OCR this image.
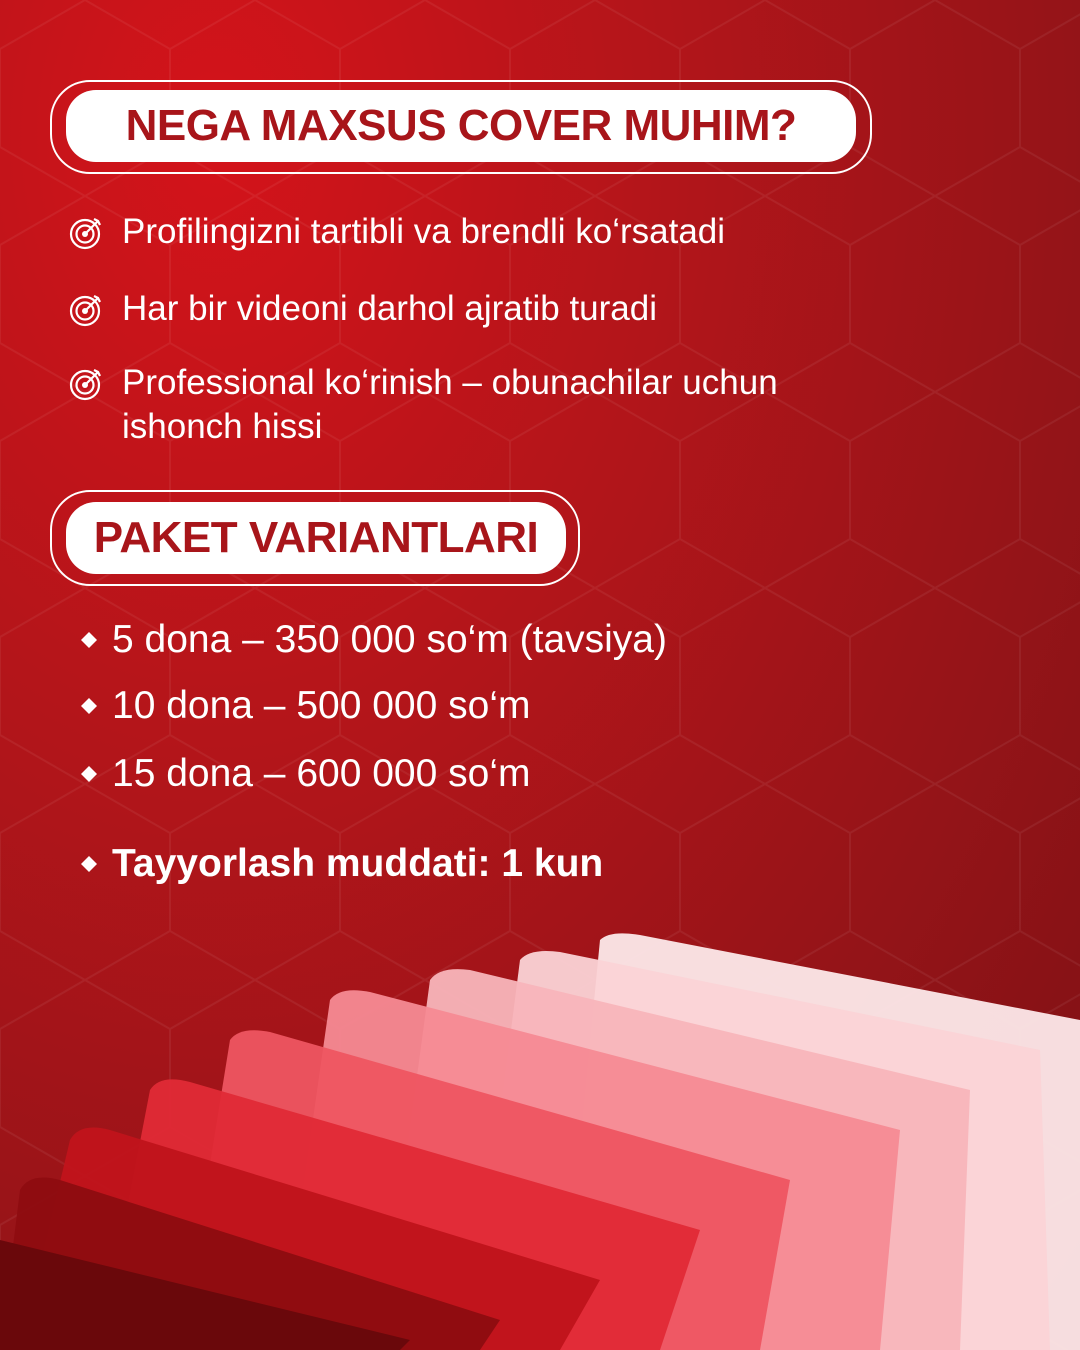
NEGA MAXSUS COVER MUHIM?
Profilingizni tartibli va brendli ko‘rsatadi
Har bir videoni darhol ajratib turadi
Professional ko‘rinish – obunachilar uchun ishonch hissi
PAKET VARIANTLARI
5 dona – 350 000 so‘m (tavsiya)
10 dona – 500 000 so‘m
15 dona – 600 000 so‘m
Tayyorlash muddati: 1 kun
